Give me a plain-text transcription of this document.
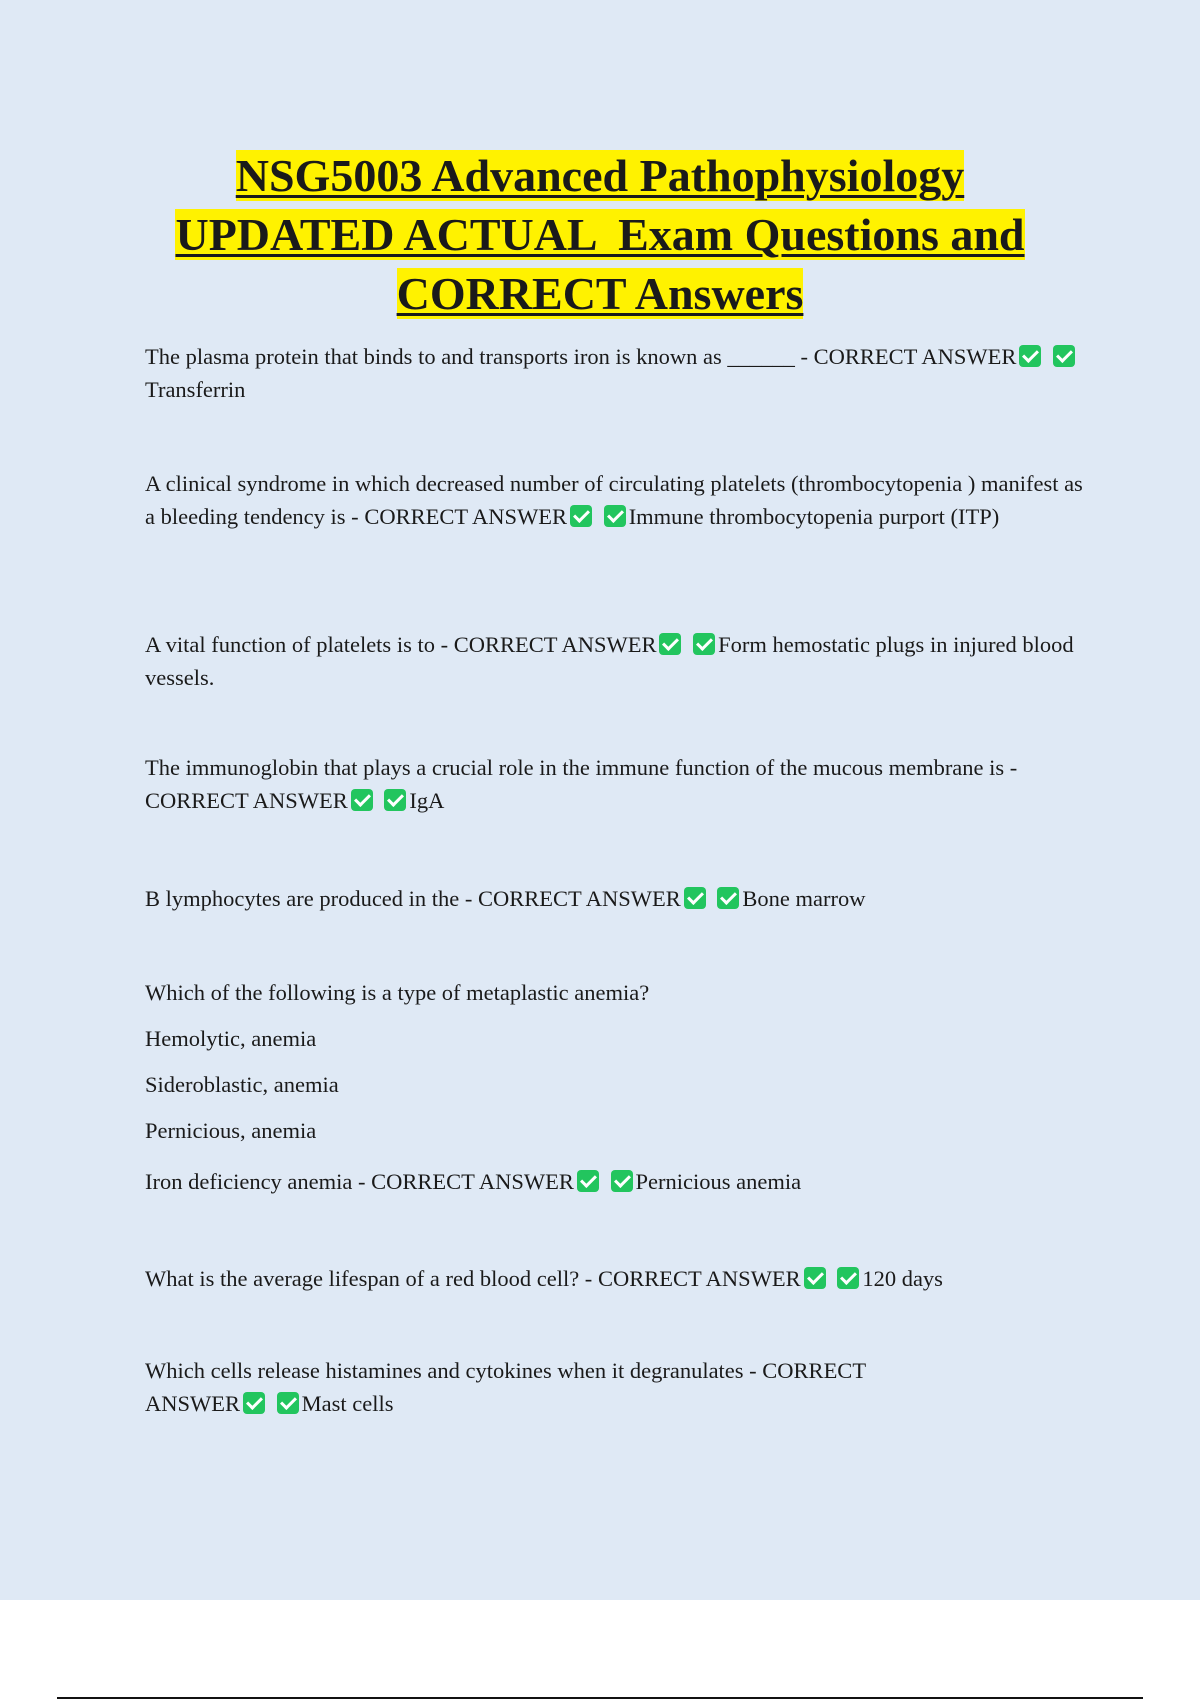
NSG5003 Advanced Pathophysiology
UPDATED ACTUAL  Exam Questions and
CORRECT Answers

The plasma protein that binds to and transports iron is known as ______ - CORRECT ANSWER Transferrin

A clinical syndrome in which decreased number of circulating platelets (thrombocytopenia ) manifest as a bleeding tendency is - CORRECT ANSWER	Immune thrombocytopenia purport (ITP)

A vital function of platelets is to - CORRECT ANSWER	Form hemostatic plugs in injured blood vessels.

The immunoglobin that plays a crucial role in the immune function of the mucous membrane is - CORRECT ANSWER	IgA

B lymphocytes are produced in the - CORRECT ANSWER	Bone marrow

Which of the following is a type of metaplastic anemia?

Hemolytic, anemia

Sideroblastic, anemia

Pernicious, anemia

Iron deficiency anemia - CORRECT ANSWER	Pernicious anemia

What is the average lifespan of a red blood cell? - CORRECT ANSWER	120 days

Which cells release histamines and cytokines when it degranulates - CORRECT ANSWER	Mast cells
